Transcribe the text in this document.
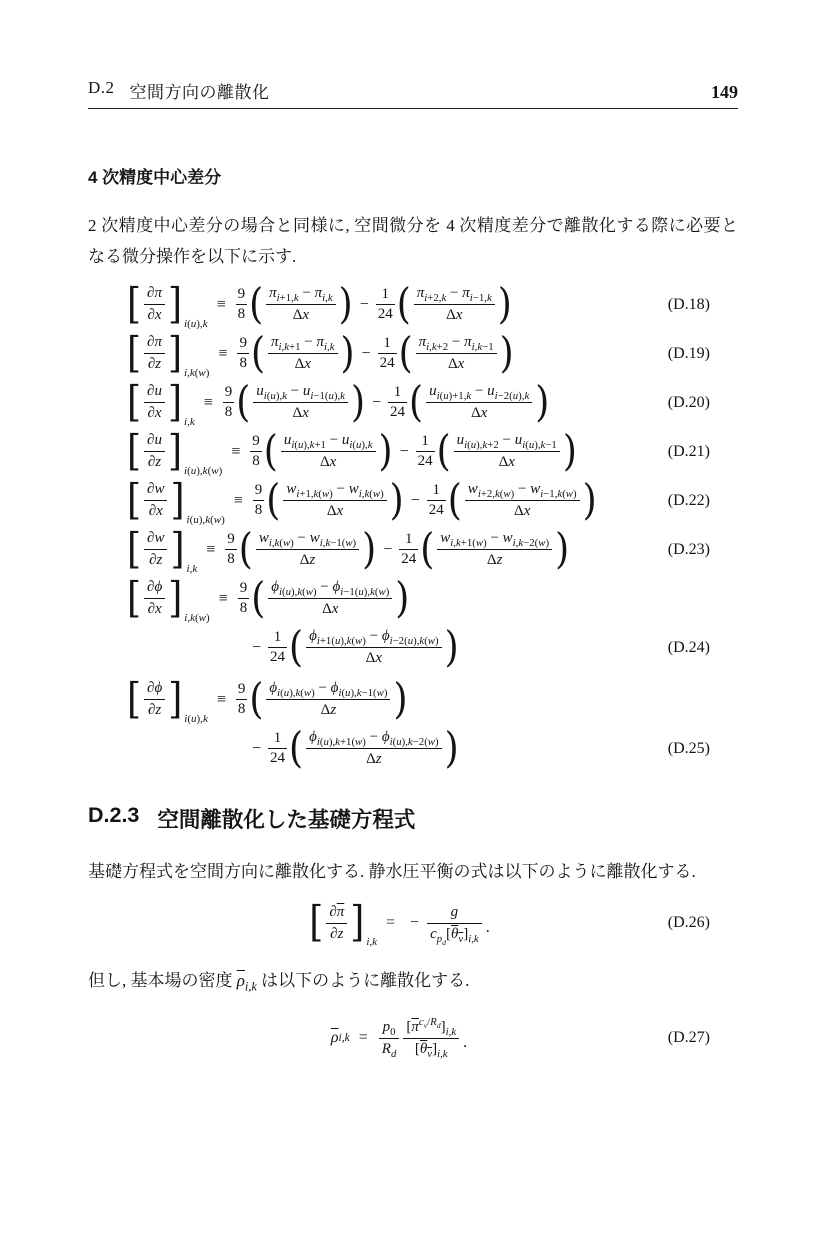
D.2 空間方向の離散化	149
4 次精度中心差分

2 次精度中心差分の場合と同様に, 空間微分を 4 次精度差分で離散化する際に必要となる微分操作を以下に示す.

[ $\frac{\partial\pi}{\partial x}$ ] i(u),k
≡ $\frac{9}{8}$ ( $\frac{\pi_{i+1,k} - \pi_{i,k}}{\Delta x}$ ) − $\frac{1}{24}$ ( $\frac{\pi_{i+2,k} - \pi_{i-1,k}}{\Delta x}$ )	(D.18)
[ $\frac{\partial\pi}{\partial z}$ ] i,k(w)
≡ $\frac{9}{8}$ ( $\frac{\pi_{i,k+1} - \pi_{i,k}}{\Delta x}$ ) − $\frac{1}{24}$ ( $\frac{\pi_{i,k+2} - \pi_{i,k-1}}{\Delta x}$ )	(D.19)
[ $\frac{\partial u}{\partial x}$ ] i,k
≡ $\frac{9}{8}$ ( $\frac{u_{i(u),k} - u_{i-1(u),k}}{\Delta x}$ ) − $\frac{1}{24}$ ( $\frac{u_{i(u)+1,k} - u_{i-2(u),k}}{\Delta x}$ )	(D.20)
[ $\frac{\partial u}{\partial z}$ ] i(u),k(w)
≡ $\frac{9}{8}$ ( $\frac{u_{i(u),k+1} - u_{i(u),k}}{\Delta x}$ ) − $\frac{1}{24}$ ( $\frac{u_{i(u),k+2} - u_{i(u),k-1}}{\Delta x}$ )	(D.21)
[ $\frac{\partial w}{\partial x}$ ] i(u),k(w)
≡ $\frac{9}{8}$ ( $\frac{w_{i+1,k(w)} - w_{i,k(w)}}{\Delta x}$ ) − $\frac{1}{24}$ ( $\frac{w_{i+2,k(w)} - w_{i-1,k(w)}}{\Delta x}$ )	(D.22)
[ $\frac{\partial w}{\partial z}$ ] i,k
≡ $\frac{9}{8}$ ( $\frac{w_{i,k(w)} - w_{i,k-1(w)}}{\Delta z}$ ) − $\frac{1}{24}$ ( $\frac{w_{i,k+1(w)} - w_{i,k-2(w)}}{\Delta z}$ )	(D.23)
[ $\frac{\partial\phi}{\partial x}$ ] i,k(w)
≡ $\frac{9}{8}$ ( $\frac{\phi_{i(u),k(w)} - \phi_{i-1(u),k(w)}}{\Delta x}$ )
− $\frac{1}{24}$ ( $\frac{\phi_{i+1(u),k(w)} - \phi_{i-2(u),k(w)}}{\Delta x}$ )	(D.24)
[ $\frac{\partial\phi}{\partial z}$ ] i(u),k
≡ $\frac{9}{8}$ ( $\frac{\phi_{i(u),k(w)} - \phi_{i(u),k-1(w)}}{\Delta z}$ )
− $\frac{1}{24}$ ( $\frac{\phi_{i(u),k+1(w)} - \phi_{i(u),k-2(w)}}{\Delta z}$ )	(D.25)
D.2.3 空間離散化した基礎方程式

基礎方程式を空間方向に離散化する. 静水圧平衡の式は以下のように離散化する.

[ $\frac{\partial\overline{\pi}}{\partial z}$ ] i,k
= − $\frac{g}{c_{p_d}[\theta_v]_{i,k}}$ .	(D.26)

但し, 基本場の密度 $\overline{\rho}_{i,k}$ は以下のように離散化する.

$\overline{\rho}$ $i,k = \frac{p_0}{R_d} \frac{[\overline{\pi}^{c_v/R_d}]_{i,k}}{[\theta_v]_{i,k}}$ .	(D.27)
